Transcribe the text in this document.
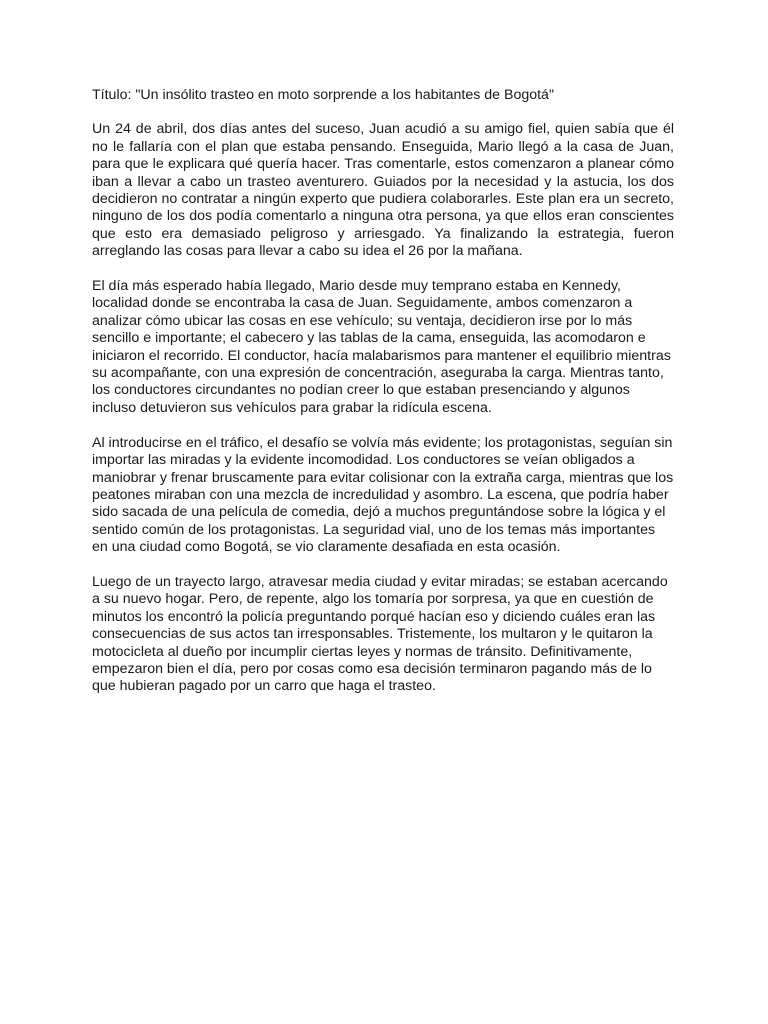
Título: "Un insólito trasteo en moto sorprende a los habitantes de Bogotá"

Un 24 de abril, dos días antes del suceso, Juan acudió a su amigo fiel, quien sabía que él no le fallaría con el plan que estaba pensando. Enseguida, Mario llegó a la casa de Juan, para que le explicara qué quería hacer. Tras comentarle, estos comenzaron a planear cómo iban a llevar a cabo un trasteo aventurero. Guiados por la necesidad y la astucia, los dos decidieron no contratar a ningún experto que pudiera colaborarles. Este plan era un secreto, ninguno de los dos podía comentarlo a ninguna otra persona, ya que ellos eran conscientes que esto era demasiado peligroso y arriesgado. Ya finalizando la estrategia, fueron arreglando las cosas para llevar a cabo su idea el 26 por la mañana.

El día más esperado había llegado, Mario desde muy temprano estaba en Kennedy, localidad donde se encontraba la casa de Juan. Seguidamente, ambos comenzaron a analizar cómo ubicar las cosas en ese vehículo; su ventaja, decidieron irse por lo más sencillo e importante; el cabecero y las tablas de la cama, enseguida, las acomodaron e iniciaron el recorrido. El conductor, hacía malabarismos para mantener el equilibrio mientras su acompañante, con una expresión de concentración, aseguraba la carga. Mientras tanto, los conductores circundantes no podían creer lo que estaban presenciando y algunos incluso detuvieron sus vehículos para grabar la ridícula escena.

Al introducirse en el tráfico, el desafío se volvía más evidente; los protagonistas, seguían sin importar las miradas y la evidente incomodidad. Los conductores se veían obligados a maniobrar y frenar bruscamente para evitar colisionar con la extraña carga, mientras que los peatones miraban con una mezcla de incredulidad y asombro. La escena, que podría haber sido sacada de una película de comedia, dejó a muchos preguntándose sobre la lógica y el sentido común de los protagonistas. La seguridad vial, uno de los temas más importantes en una ciudad como Bogotá, se vio claramente desafiada en esta ocasión.

Luego de un trayecto largo, atravesar media ciudad y evitar miradas; se estaban acercando a su nuevo hogar. Pero, de repente, algo los tomaría por sorpresa, ya que en cuestión de minutos los encontró la policía preguntando porqué hacían eso y diciendo cuáles eran las consecuencias de sus actos tan irresponsables. Tristemente, los multaron y le quitaron la motocicleta al dueño por incumplir ciertas leyes y normas de tránsito. Definitivamente, empezaron bien el día, pero por cosas como esa decisión terminaron pagando más de lo que hubieran pagado por un carro que haga el trasteo.
